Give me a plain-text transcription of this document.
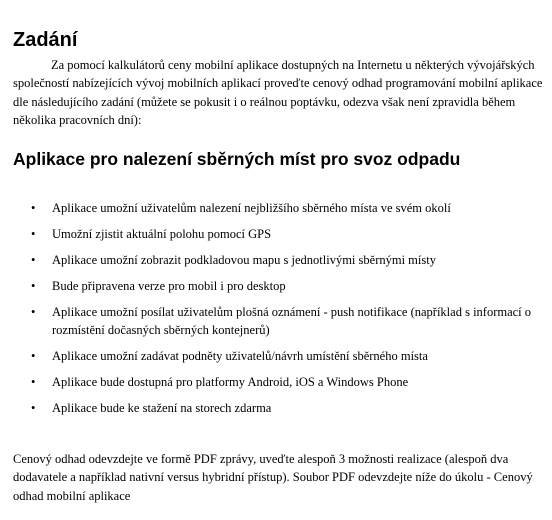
Zadání

Za pomocí kalkulátorů ceny mobilní aplikace dostupných na Internetu u některých vývojářských společností nabízejících vývoj mobilních aplikací proveďte cenový odhad programování mobilní aplikace dle následujícího zadání (můžete se pokusit i o reálnou poptávku, odezva však není zpravidla během několika pracovních dní):

Aplikace pro nalezení sběrných míst pro svoz odpadu
• Aplikace umožní uživatelům nalezení nejbližšího sběrného místa ve svém okolí
• Umožní zjistit aktuální polohu pomocí GPS
• Aplikace umožní zobrazit podkladovou mapu s jednotlivými sběrnými místy
• Bude připravena verze pro mobil i pro desktop
• Aplikace umožní posílat uživatelům plošná oznámení - push notifikace (například s informací o rozmístění dočasných sběrných kontejnerů)
• Aplikace umožní zadávat podněty uživatelů/návrh umístění sběrného místa
• Aplikace bude dostupná pro platformy Android, iOS a Windows Phone
• Aplikace bude ke stažení na storech zdarma

Cenový odhad odevzdejte ve formě PDF zprávy, uveďte alespoň 3 možnosti realizace (alespoň dva dodavatele a například nativní versus hybridní přístup). Soubor PDF odevzdejte níže do úkolu - Cenový odhad mobilní aplikace
